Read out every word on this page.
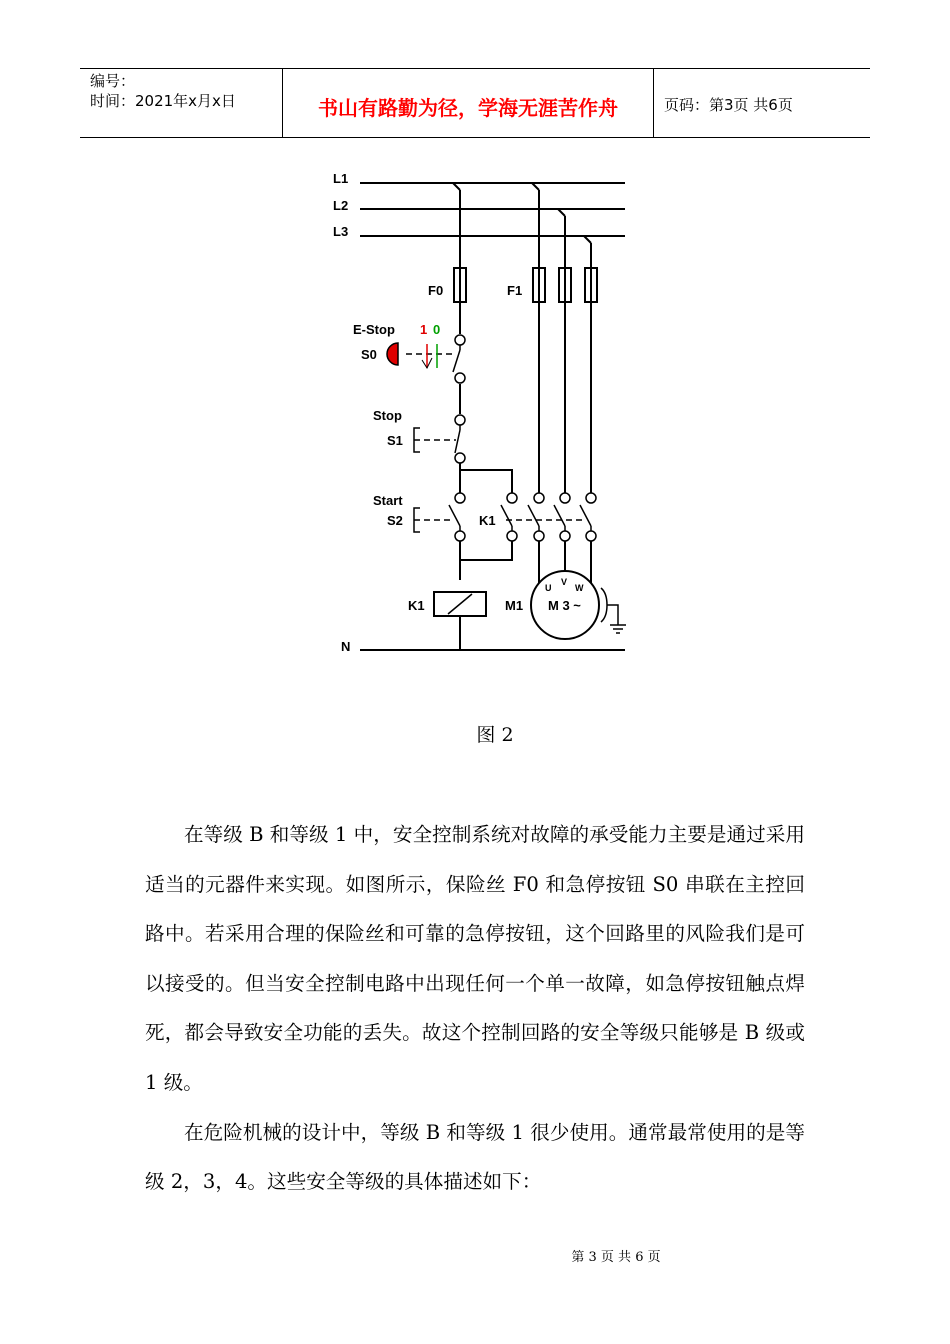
编号：
时间：2021年x月x日	书山有路勤为径，学海无涯苦作舟	页码：第3页 共6页
L1
L2
L3
N
F0	F1
E-Stop
S0
1 0
Stop
S1
Start
S2	K1
K1	M1 M 3 ~
U
V
W
图 2

在等级 B 和等级 1 中，安全控制系统对故障的承受能力主要是通过采用适当的元器件来实现。如图所示，保险丝 F0 和急停按钮 S0 串联在主控回路中。若采用合理的保险丝和可靠的急停按钮，这个回路里的风险我们是可以接受的。但当安全控制电路中出现任何一个单一故障，如急停按钮触点焊死，都会导致安全功能的丢失。故这个控制回路的安全等级只能够是 B 级或 1 级。

在危险机械的设计中，等级 B 和等级 1 很少使用。通常最常使用的是等级 2，3，4。这些安全等级的具体描述如下：

第 3 页 共 6 页
